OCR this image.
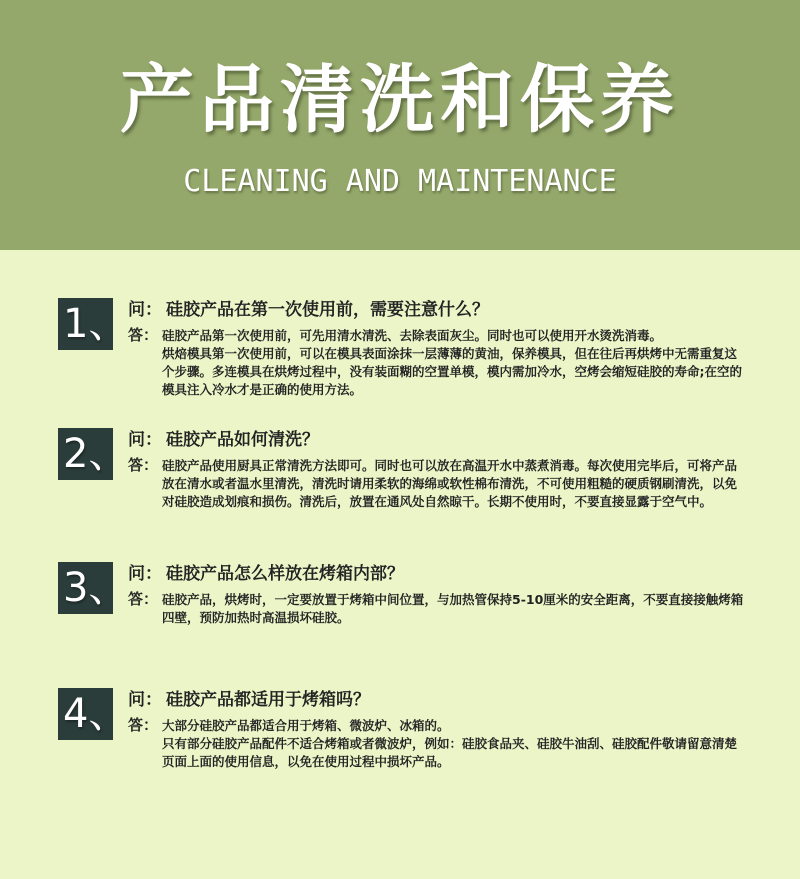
产品清洗和保养
CLEANING AND MAINTENANCE
1、 问： 硅胶产品在第一次使用前，需要注意什么？
答： 硅胶产品第一次使用前，可先用清水清洗、去除表面灰尘。同时也可以使用开水烫洗消毒。

烘焙模具第一次使用前，可以在模具表面涂抹一层薄薄的黄油，保养模具，但在往后再烘烤中无需重复这个步骤。多连模具在烘烤过程中，没有装面糊的空置单模，模内需加冷水，空烤会缩短硅胶的寿命;在空的模具注入冷水才是正确的使用方法。

2、 问： 硅胶产品如何清洗？
答： 硅胶产品使用厨具正常清洗方法即可。同时也可以放在高温开水中蒸煮消毒。每次使用完毕后，可将产品放在清水或者温水里清洗，清洗时请用柔软的海绵或软性棉布清洗，不可使用粗糙的硬质钢刷清洗，以免对硅胶造成划痕和损伤。清洗后，放置在通风处自然晾干。长期不使用时，不要直接显露于空气中。

3、 问： 硅胶产品怎么样放在烤箱内部？
答： 硅胶产品，烘烤时，一定要放置于烤箱中间位置，与加热管保持5-10厘米的安全距离，不要直接接触烤箱四壁，预防加热时高温损坏硅胶。

4、 问： 硅胶产品都适用于烤箱吗？
答： 大部分硅胶产品都适合用于烤箱、微波炉、冰箱的。

只有部分硅胶产品配件不适合烤箱或者微波炉，例如：硅胶食品夹、硅胶牛油刮、硅胶配件敬请留意清楚页面上面的使用信息，以免在使用过程中损坏产品。
